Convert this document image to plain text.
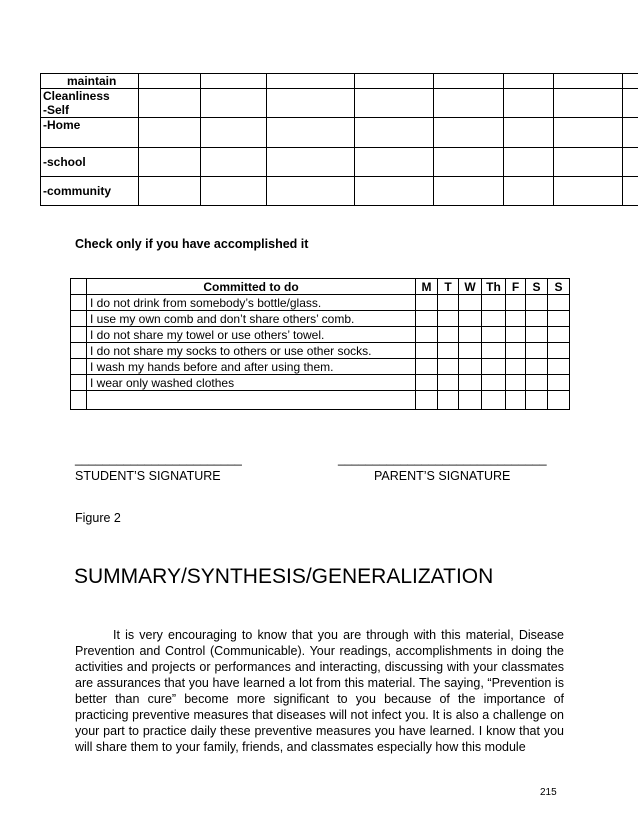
maintain								
Cleanliness
-Self								
-Home								
-school								
-community								
Check only if you have accomplished it
	Committed to do	M	T	W	Th	F	S	S
	I do not drink from somebody’s bottle/glass.							
	I use my own comb and don’t share others’ comb.							
	I do not share my towel or use others’ towel.							
	I do not share my socks to others or use other socks.							
	I wash my hands before and after using them.							
	I wear only washed clothes							

________________________	______________________________
STUDENT’S SIGNATURE	PARENT’S SIGNATURE
Figure 2
SUMMARY/SYNTHESIS/GENERALIZATION

It is very encouraging to know that you are through with this material, Disease Prevention and Control (Communicable). Your readings, accomplishments in doing the activities and projects or performances and interacting, discussing with your classmates are assurances that you have learned a lot from this material. The saying, “Prevention is better than cure” become more significant to you because of the importance of practicing preventive measures that diseases will not infect you. It is also a challenge on your part to practice daily these preventive measures you have learned. I know that you will share them to your family, friends, and classmates especially how this module

215
